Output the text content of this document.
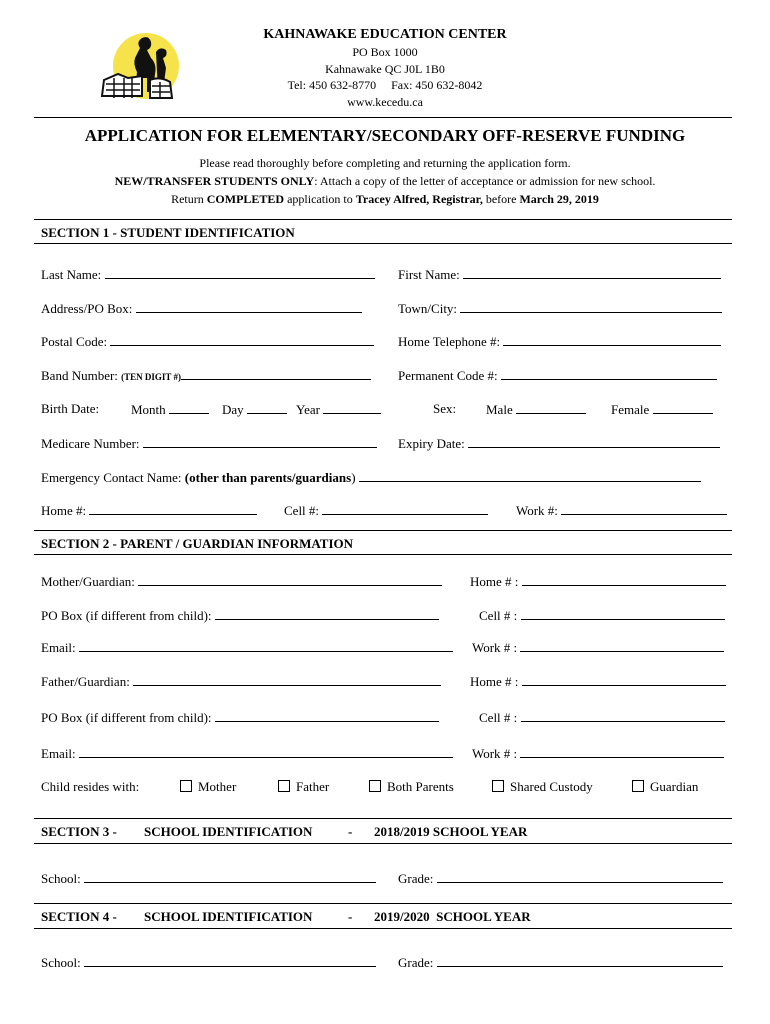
KAHNAWAKE EDUCATION CENTER
PO Box 1000
Kahnawake QC J0L 1B0
Tel: 450 632-8770     Fax: 450 632-8042
www.kecedu.ca
APPLICATION FOR ELEMENTARY/SECONDARY OFF-RESERVE FUNDING
Please read thoroughly before completing and returning the application form.
NEW/TRANSFER STUDENTS ONLY: Attach a copy of the letter of acceptance or admission for new school.
Return COMPLETED application to Tracey Alfred, Registrar, before March 29, 2019
SECTION 1 - STUDENT IDENTIFICATION
Last Name:	First Name:
Address/PO Box:	Town/City:
Postal Code:	Home Telephone #:
Band Number: (TEN DIGIT #)	Permanent Code #:
Birth Date: Month	Day	Year	Sex: Male	Female
Medicare Number:	Expiry Date:
Emergency Contact Name: (other than parents/guardians)
Home #:	Cell #:	Work #:
SECTION 2 - PARENT / GUARDIAN INFORMATION
Mother/Guardian:	Home # :
PO Box (if different from child):	Cell # :
Email:	Work # :
Father/Guardian:	Home # :
PO Box (if different from child):	Cell # :
Email:	Work # :
Child resides with:	Mother	Father	Both Parents	Shared Custody	Guardian
SECTION 3 - SCHOOL IDENTIFICATION	- 2018/2019 SCHOOL YEAR
School:	Grade:
SECTION 4 - SCHOOL IDENTIFICATION	- 2019/2020  SCHOOL YEAR
School:	Grade:
